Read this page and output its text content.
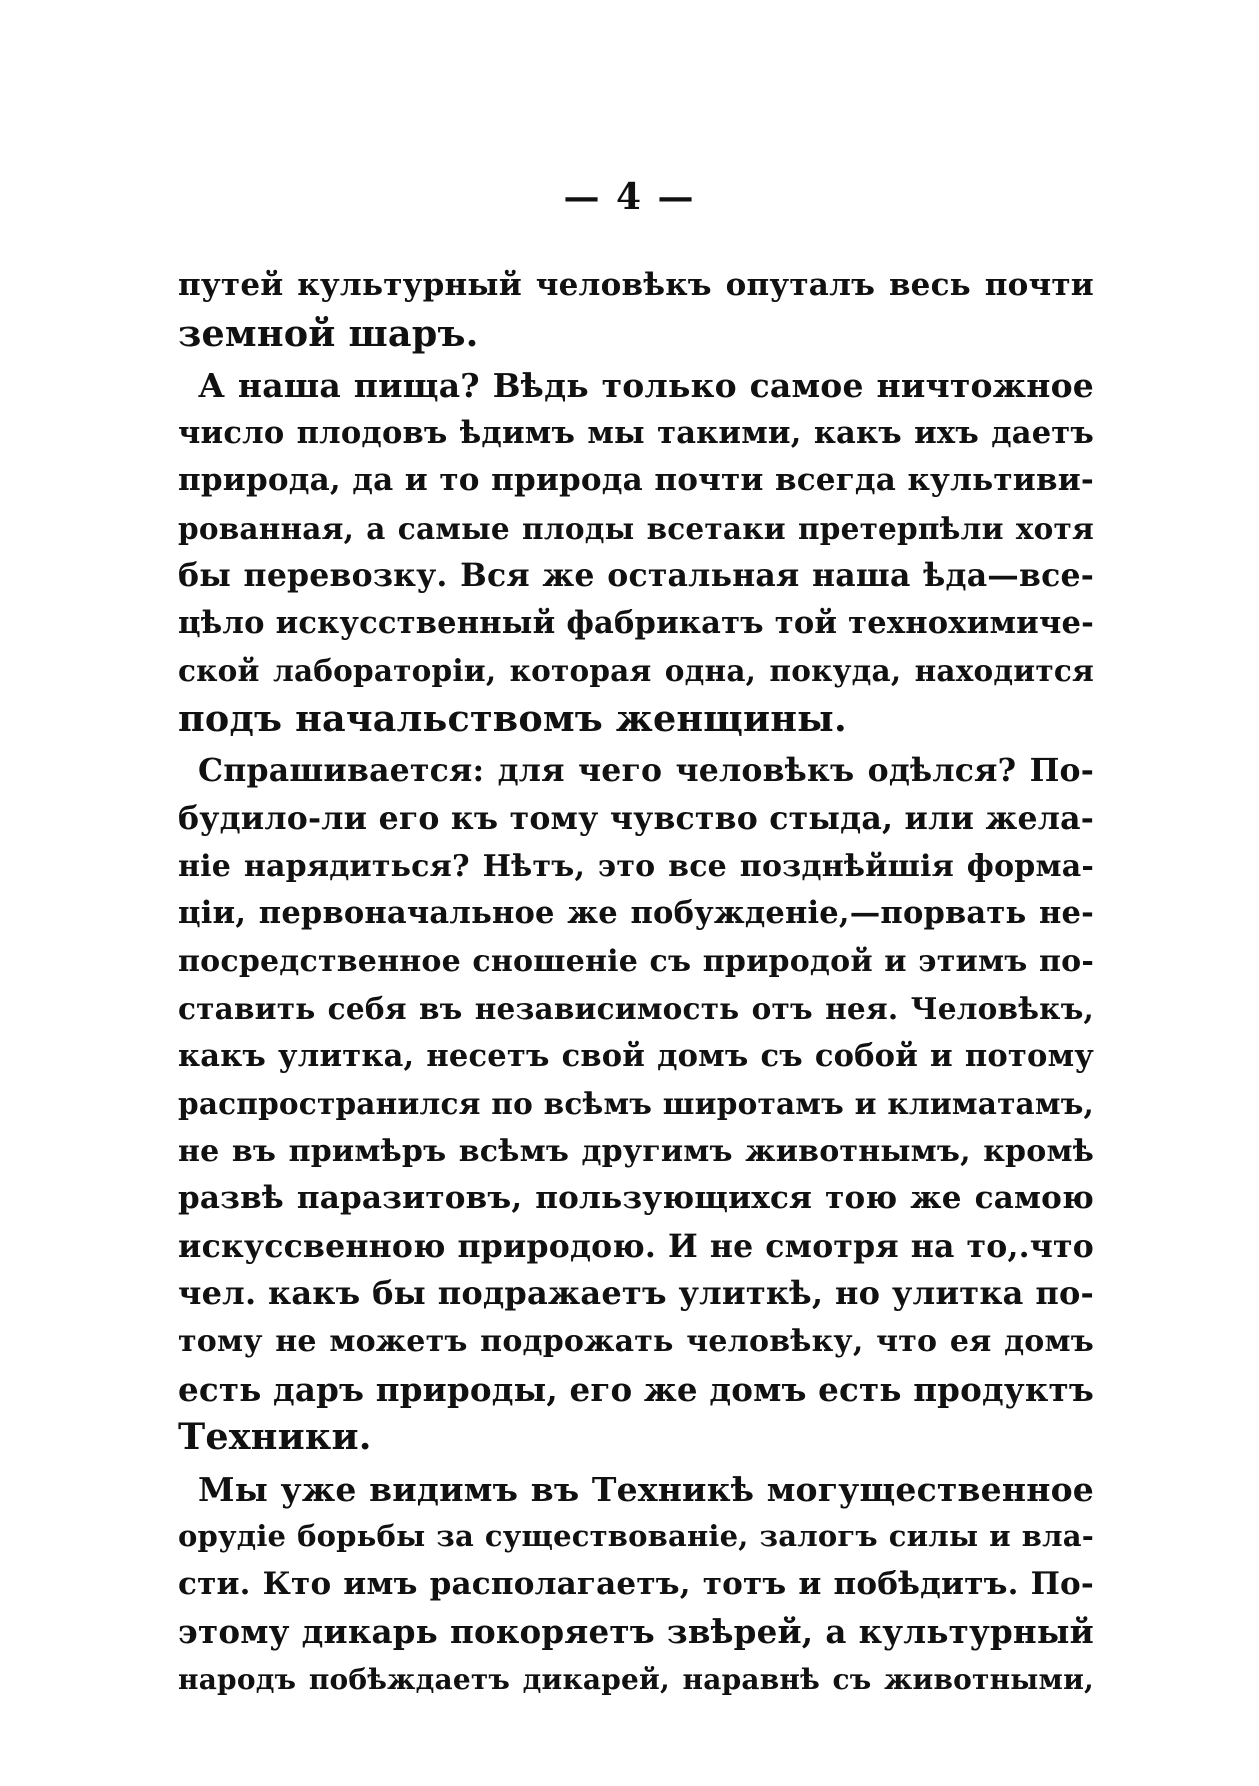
— 4 —
путей культурный человѣкъ опуталъ весь почти
земной шаръ.
А наша пища? Вѣдь только самое ничтожное
число плодовъ ѣдимъ мы такими, какъ ихъ даетъ
природа, да и то природа почти всегда культиви-
рованная, а самые плоды всетаки претерпѣли хотя
бы перевозку. Вся же остальная наша ѣда—все-
цѣло искусственный фабрикатъ той технохимиче-
ской лабораторіи, которая одна, покуда, находится
подъ начальствомъ женщины.
Спрашивается: для чего человѣкъ одѣлся? По-
будило-ли его къ тому чувство стыда, или жела-
ніе нарядиться? Нѣтъ, это все позднѣйшія форма-
ціи, первоначальное же побужденіе,—порвать не-
посредственное сношеніе съ природой и этимъ по-
ставить себя въ независимость отъ нея. Человѣкъ,
какъ улитка, несетъ свой домъ съ собой и потому
распространился по всѣмъ широтамъ и климатамъ,
не въ примѣръ всѣмъ другимъ животнымъ, кромѣ
развѣ паразитовъ, пользующихся тою же самою
искуссвенною природою. И не смотря на то,.что
чел. какъ бы подражаетъ улиткѣ, но улитка по-
тому не можетъ подрожать человѣку, что ея домъ
есть даръ природы, его же домъ есть продуктъ
Техники.
Мы уже видимъ въ Техникѣ могущественное
орудіе борьбы за существованіе, залогъ силы и вла-
сти. Кто имъ располагаетъ, тотъ и побѣдитъ. По-
этому дикарь покоряетъ звѣрей, а культурный
народъ побѣждаетъ дикарей, наравнѣ съ животными,
